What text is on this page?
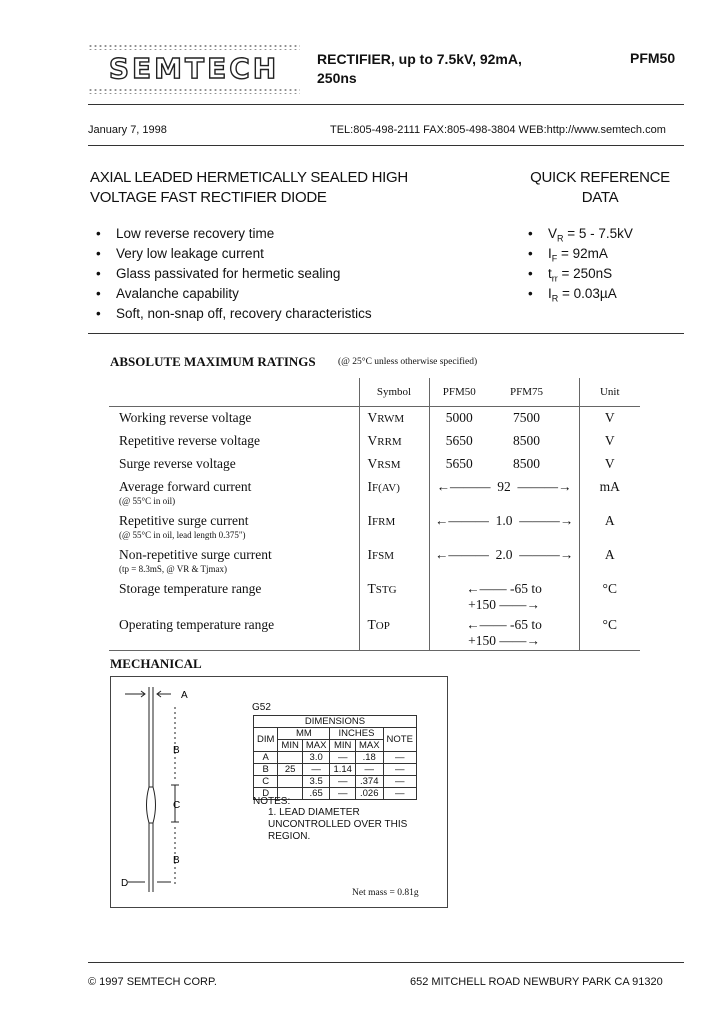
SEMTECH	RECTIFIER, up to 7.5kV, 92mA,
250ns
PFM50
January 7, 1998	TEL:805-498-2111 FAX:805-498-3804 WEB:http://www.semtech.com
AXIAL LEADED HERMETICALLY SEALED HIGH
VOLTAGE FAST RECTIFIER DIODE
QUICK REFERENCE
DATA
• Low reverse recovery time
• Very low leakage current
• Glass passivated for hermetic sealing
• Avalanche capability
• Soft, non-snap off, recovery characteristics
• $V_R = 5 - 7.5kV$
• $I_F = 92mA$
• $t_{rr} = 250nS$
• $I_R = 0.03\mu A$
ABSOLUTE MAXIMUM RATINGS (@ 25°C unless otherwise specified)
	Symbol	PFM50	PFM75		Unit
Working reverse voltage	VRWM	5000	7500		V
Repetitive reverse voltage	VRRM	5650	8500		V
Surge reverse voltage	VRSM	5650	8500		V
Average forward current
(@ 55°C in oil)	IF(AV)	←―――  92  ―――→			mA
Repetitive surge current
(@ 55°C in oil, lead length 0.375")	IFRM	←―――  1.0  ―――→			A
Non-repetitive surge current
(tp = 8.3mS, @ VR & Tjmax)	IFSM	←―――  2.0  ―――→			A
Storage temperature range	TSTG	←―― -65 to +150 ――→			°C
Operating temperature range	TOP	←―― -65 to +150 ――→			°C
MECHANICAL
A
B
C
B
D
G52
DIMENSIONS					
DIM	MM		INCHES		NOTE
	MIN	MAX	MIN	MAX	
A		3.0	—	.18	—
B	25	—	1.14	—	—
C		3.5	—	.374	—
D		.65	—	.026	—
NOTES:
1. LEAD DIAMETER UNCONTROLLED OVER THIS REGION.
Net mass = 0.81g
© 1997 SEMTECH CORP.	652 MITCHELL ROAD NEWBURY PARK CA 91320
